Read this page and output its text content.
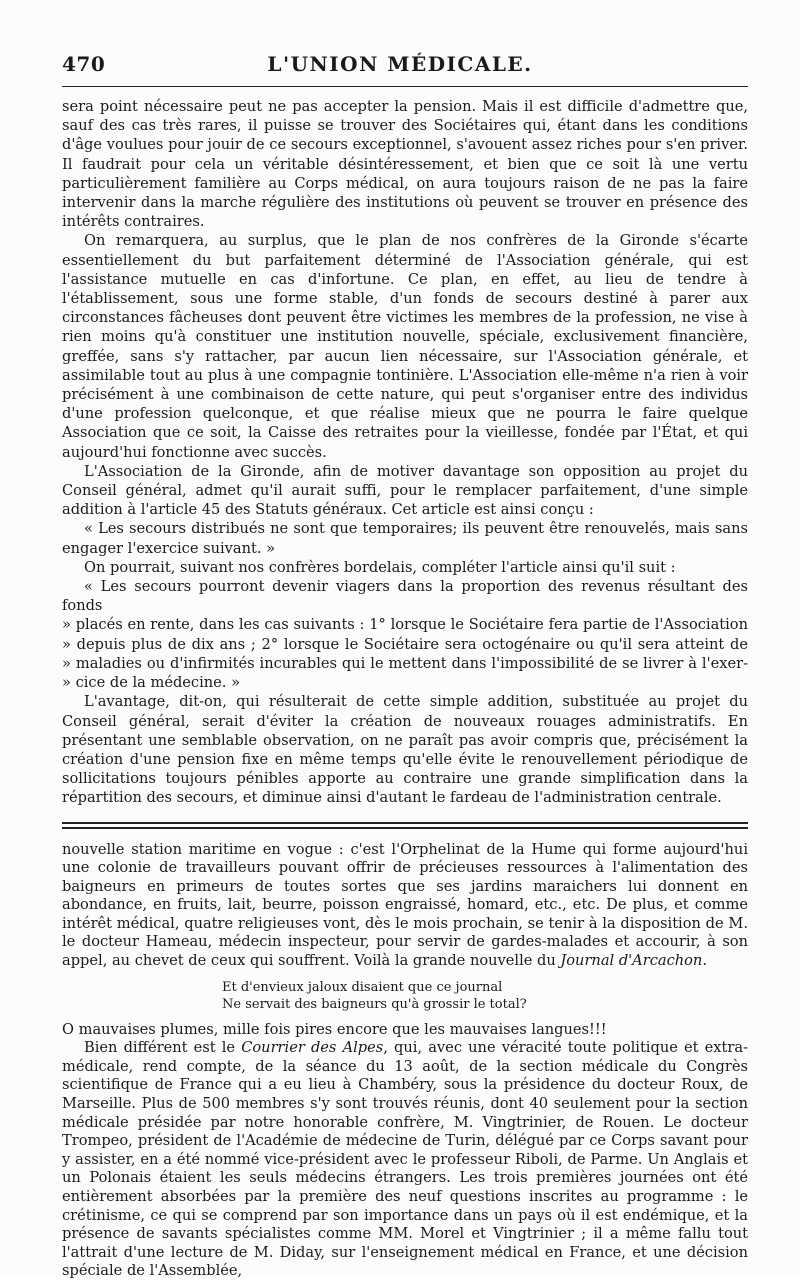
470	L'UNION MÉDICALE.

sera point nécessaire peut ne pas accepter la pension. Mais il est difficile d'admettre que, sauf des cas très rares, il puisse se trouver des Sociétaires qui, étant dans les conditions d'âge voulues pour jouir de ce secours exceptionnel, s'avouent assez riches pour s'en priver. Il faudrait pour cela un véritable désintéressement, et bien que ce soit là une vertu particulièrement familière au Corps médical, on aura toujours raison de ne pas la faire intervenir dans la marche régulière des institutions où peuvent se trouver en présence des intérêts contraires.

On remarquera, au surplus, que le plan de nos confrères de la Gironde s'écarte essentiellement du but parfaitement déterminé de l'Association générale, qui est l'assistance mutuelle en cas d'infortune. Ce plan, en effet, au lieu de tendre à l'établissement, sous une forme stable, d'un fonds de secours destiné à parer aux circonstances fâcheuses dont peuvent être victimes les membres de la profession, ne vise à rien moins qu'à constituer une institution nouvelle, spéciale, exclusivement financière, greffée, sans s'y rattacher, par aucun lien nécessaire, sur l'Association générale, et assimilable tout au plus à une compagnie tontinière. L'Association elle-même n'a rien à voir précisément à une combinaison de cette nature, qui peut s'organiser entre des individus d'une profession quelconque, et que réalise mieux que ne pourra le faire quelque Association que ce soit, la Caisse des retraites pour la vieillesse, fondée par l'État, et qui aujourd'hui fonctionne avec succès.

L'Association de la Gironde, afin de motiver davantage son opposition au projet du Conseil général, admet qu'il aurait suffi, pour le remplacer parfaitement, d'une simple addition à l'article 45 des Statuts généraux. Cet article est ainsi conçu :

« Les secours distribués ne sont que temporaires; ils peuvent être renouvelés, mais sans engager l'exercice suivant. »

On pourrait, suivant nos confrères bordelais, compléter l'article ainsi qu'il suit :

« Les secours pourront devenir viagers dans la proportion des revenus résultant des fonds
» placés en rente, dans les cas suivants : 1° lorsque le Sociétaire fera partie de l'Association
» depuis plus de dix ans ; 2° lorsque le Sociétaire sera octogénaire ou qu'il sera atteint de
» maladies ou d'infirmités incurables qui le mettent dans l'impossibilité de se livrer à l'exer-
» cice de la médecine. »

L'avantage, dit-on, qui résulterait de cette simple addition, substituée au projet du Conseil général, serait d'éviter la création de nouveaux rouages administratifs. En présentant une semblable observation, on ne paraît pas avoir compris que, précisément la création d'une pension fixe en même temps qu'elle évite le renouvellement périodique de sollicitations toujours pénibles apporte au contraire une grande simplification dans la répartition des secours, et diminue ainsi d'autant le fardeau de l'administration centrale.

nouvelle station maritime en vogue : c'est l'Orphelinat de la Hume qui forme aujourd'hui une colonie de travailleurs pouvant offrir de précieuses ressources à l'alimentation des baigneurs en primeurs de toutes sortes que ses jardins maraichers lui donnent en abondance, en fruits, lait, beurre, poisson engraissé, homard, etc., etc. De plus, et comme intérêt médical, quatre religieuses vont, dès le mois prochain, se tenir à la disposition de M. le docteur Hameau, médecin inspecteur, pour servir de gardes-malades et accourir, à son appel, au chevet de ceux qui souffrent. Voilà la grande nouvelle du Journal d'Arcachon.

Et d'envieux jaloux disaient que ce journal
Ne servait des baigneurs qu'à grossir le total?

O mauvaises plumes, mille fois pires encore que les mauvaises langues!!!

Bien différent est le Courrier des Alpes, qui, avec une véracité toute politique et extra-médicale, rend compte, de la séance du 13 août, de la section médicale du Congrès scientifique de France qui a eu lieu à Chambéry, sous la présidence du docteur Roux, de Marseille. Plus de 500 membres s'y sont trouvés réunis, dont 40 seulement pour la section médicale présidée par notre honorable confrère, M. Vingtrinier, de Rouen. Le docteur Trompeo, président de l'Académie de médecine de Turin, délégué par ce Corps savant pour y assister, en a été nommé vice-président avec le professeur Riboli, de Parme. Un Anglais et un Polonais étaient les seuls médecins étrangers. Les trois premières journées ont été entièrement absorbées par la première des neuf questions inscrites au programme : le crétinisme, ce qui se comprend par son importance dans un pays où il est endémique, et la présence de savants spécialistes comme MM. Morel et Vingtrinier ; il a même fallu tout l'attrait d'une lecture de M. Diday, sur l'enseignement médical en France, et une décision spéciale de l'Assemblée,
